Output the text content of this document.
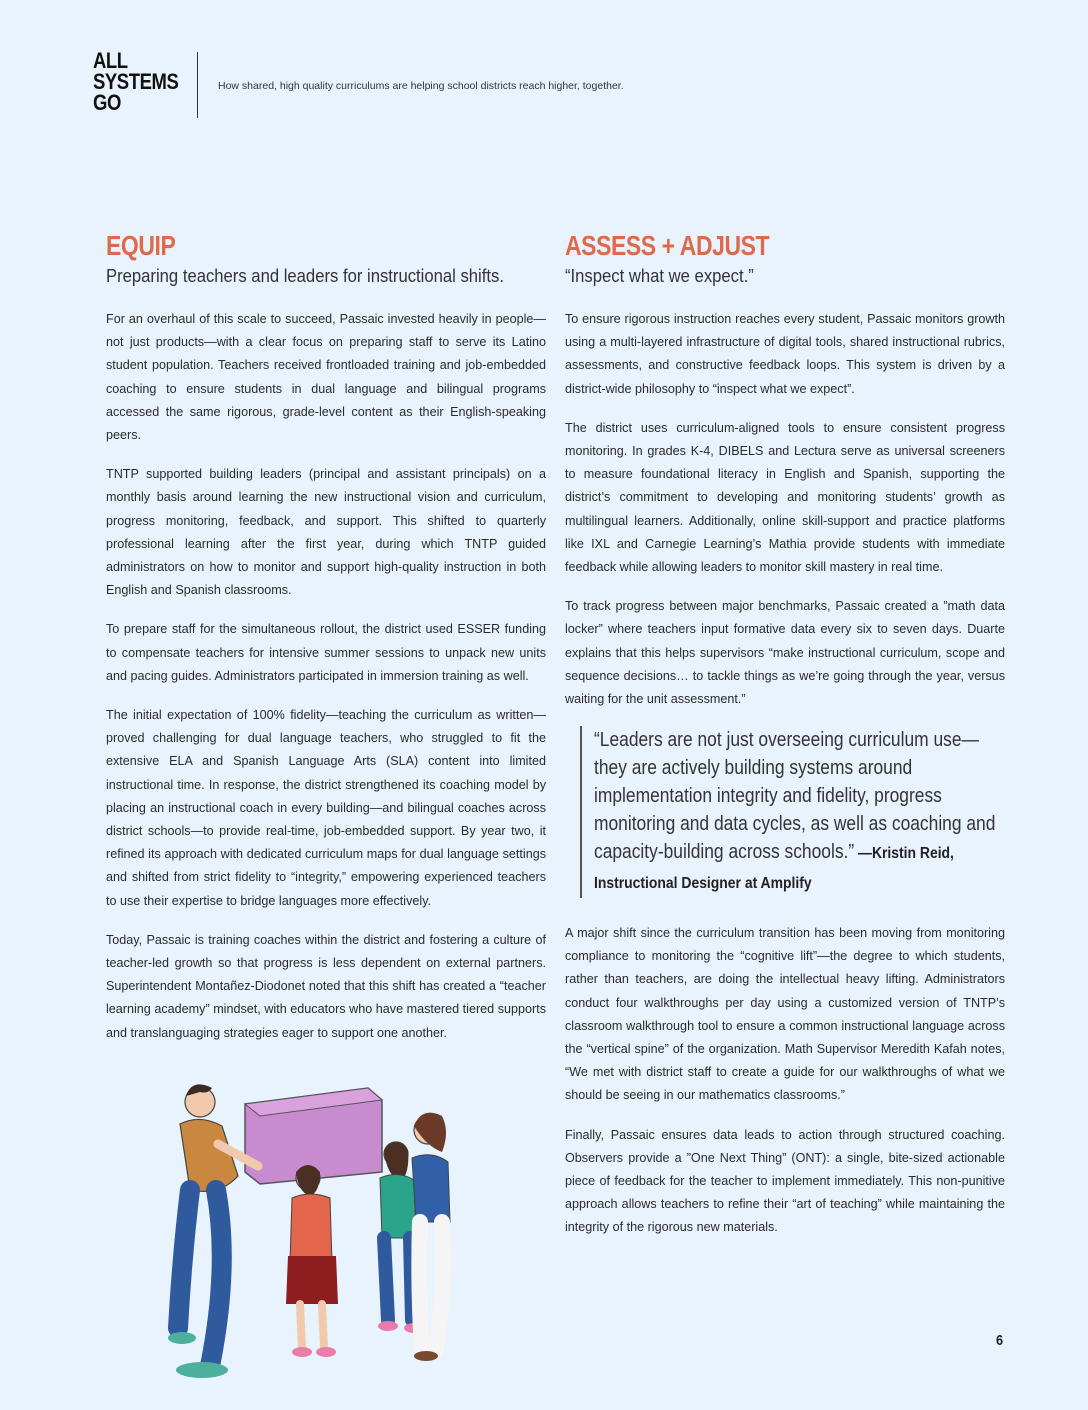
ALL
SYSTEMS
GO
How shared, high quality curriculums are helping school districts reach higher, together.
EQUIP

Preparing teachers and leaders for instructional shifts.

For an overhaul of this scale to succeed, Passaic invested heavily in people—not just products—with a clear focus on preparing staff to serve its Latino student population. Teachers received frontloaded training and job-embedded coaching to ensure students in dual language and bilingual programs accessed the same rigorous, grade-level content as their English-speaking peers.

TNTP supported building leaders (principal and assistant principals) on a monthly basis around learning the new instructional vision and curriculum, progress monitoring, feedback, and support. This shifted to quarterly professional learning after the first year, during which TNTP guided administrators on how to monitor and support high-quality instruction in both English and Spanish classrooms.

To prepare staff for the simultaneous rollout, the district used ESSER funding to compensate teachers for intensive summer sessions to unpack new units and pacing guides. Administrators participated in immersion training as well.

The initial expectation of 100% fidelity—teaching the curriculum as written—proved challenging for dual language teachers, who struggled to fit the extensive ELA and Spanish Language Arts (SLA) content into limited instructional time. In response, the district strengthened its coaching model by placing an instructional coach in every building—and bilingual coaches across district schools—to provide real-time, job-embedded support. By year two, it refined its approach with dedicated curriculum maps for dual language settings and shifted from strict fidelity to “integrity,” empowering experienced teachers to use their expertise to bridge languages more effectively.

Today, Passaic is training coaches within the district and fostering a culture of teacher-led growth so that progress is less dependent on external partners. Superintendent Montañez-Diodonet noted that this shift has created a “teacher learning academy” mindset, with educators who have mastered tiered supports and translanguaging strategies eager to support one another.

ASSESS + ADJUST

“Inspect what we expect.”

To ensure rigorous instruction reaches every student, Passaic monitors growth using a multi-layered infrastructure of digital tools, shared instructional rubrics, assessments, and constructive feedback loops. This system is driven by a district-wide philosophy to “inspect what we expect”.

The district uses curriculum-aligned tools to ensure consistent progress monitoring. In grades K-4, DIBELS and Lectura serve as universal screeners to measure foundational literacy in English and Spanish, supporting the district’s commitment to developing and monitoring students’ growth as multilingual learners. Additionally, online skill-support and practice platforms like IXL and Carnegie Learning’s Mathia provide students with immediate feedback while allowing leaders to monitor skill mastery in real time.

To track progress between major benchmarks, Passaic created a ”math data locker” where teachers input formative data every six to seven days. Duarte explains that this helps supervisors “make instructional curriculum, scope and sequence decisions… to tackle things as we’re going through the year, versus waiting for the unit assessment.”

“Leaders are not just overseeing curriculum use—they are actively building systems around implementation integrity and fidelity, progress monitoring and data cycles, as well as coaching and capacity-building across schools.” —Kristin Reid, Instructional Designer at Amplify

A major shift since the curriculum transition has been moving from monitoring compliance to monitoring the “cognitive lift”—the degree to which students, rather than teachers, are doing the intellectual heavy lifting. Administrators conduct four walkthroughs per day using a customized version of TNTP’s classroom walkthrough tool to ensure a common instructional language across the “vertical spine” of the organization. Math Supervisor Meredith Kafah notes, “We met with district staff to create a guide for our walkthroughs of what we should be seeing in our mathematics classrooms.”

Finally, Passaic ensures data leads to action through structured coaching. Observers provide a ”One Next Thing” (ONT): a single, bite-sized actionable piece of feedback for the teacher to implement immediately. This non-punitive approach allows teachers to refine their “art of teaching” while maintaining the integrity of the rigorous new materials.

6
